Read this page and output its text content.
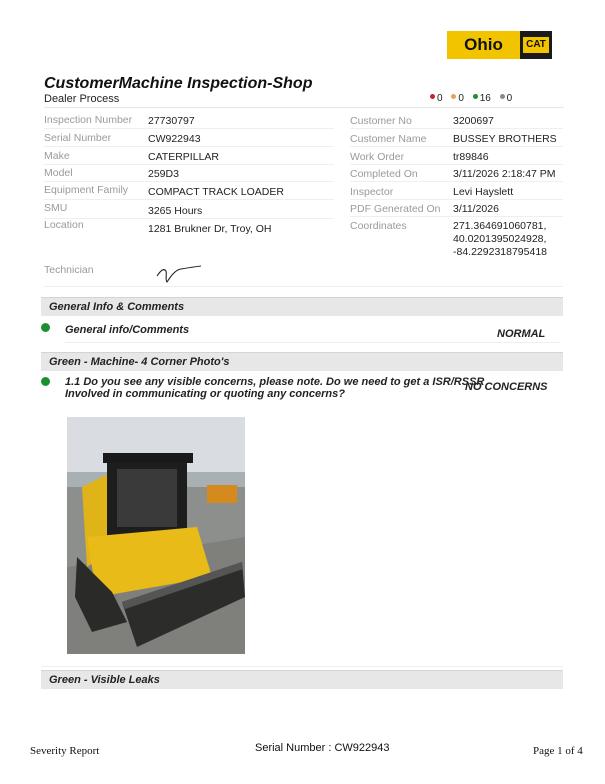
Ohio	CAT
CustomerMachine Inspection-Shop
Dealer Process	0 0 16 0
Inspection Number 27730797
Serial Number	CW922943
Make	CATERPILLAR
Model	259D3
Equipment Family COMPACT TRACK LOADER
SMU	3265 Hours
Location	1281 Brukner Dr, Troy, OH
Customer No	3200697
Customer Name	BUSSEY BROTHERS
Work Order	tr89846
Completed On	3/11/2026 2:18:47 PM
Inspector	Levi Hayslett
PDF Generated On 3/11/2026
Coordinates	271.364691060781, 40.0201395024928, -84.2292318795418
Technician
General Info & Comments
General info/Comments	NORMAL
Green - Machine- 4 Corner Photo's
1.1 Do you see any visible concerns, please note. Do we need to get a ISR/RSSR
Involved in communicating or quoting any concerns?
NO CONCERNS
Green - Visible Leaks
Severity Report	Serial Number : CW922943	Page 1 of 4
